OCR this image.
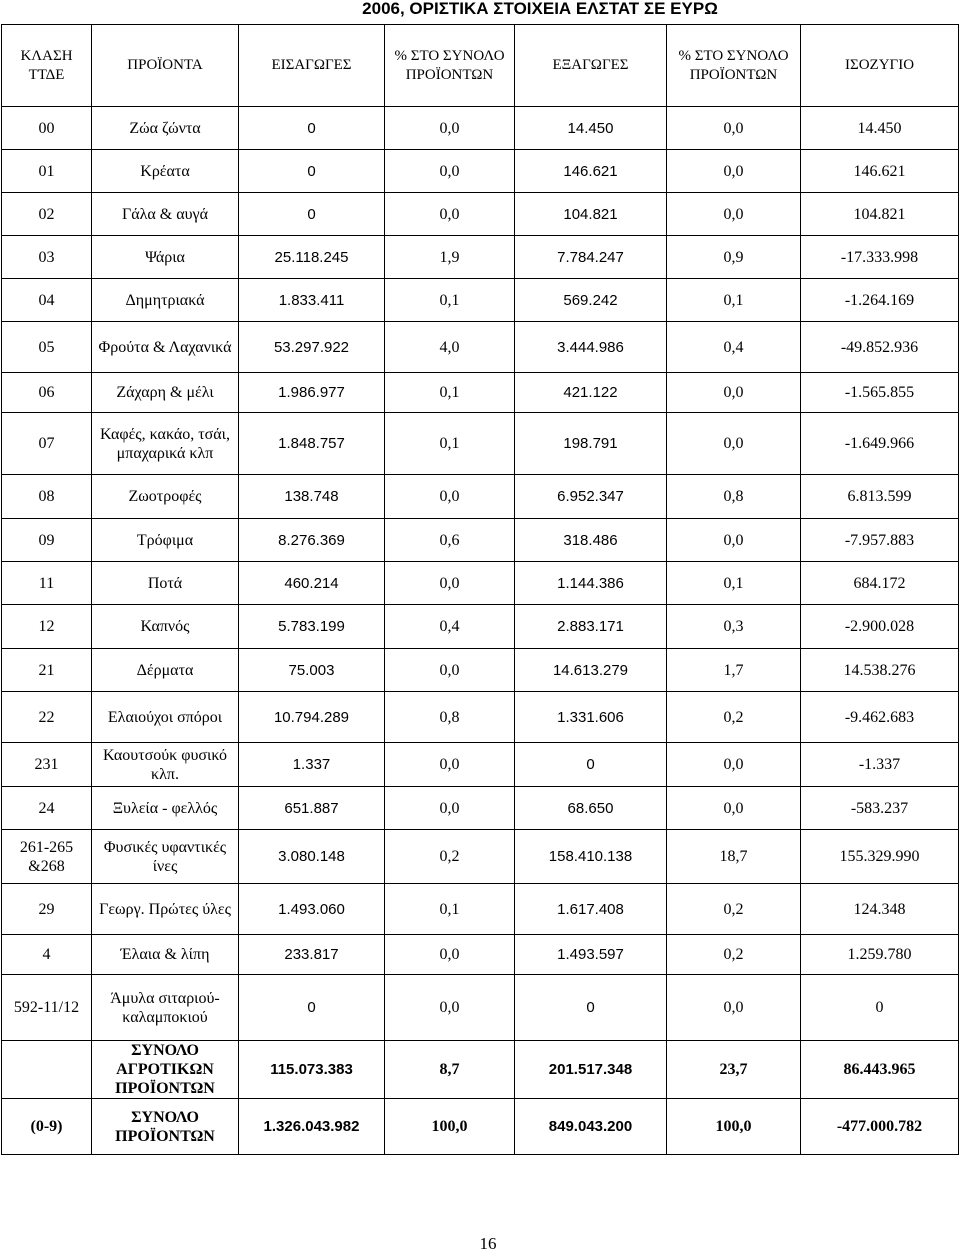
2006, ΟΡΙΣΤΙΚΑ ΣΤΟΙΧΕΙΑ ΕΛΣΤΑΤ ΣΕ ΕΥΡΩ
ΚΛΑΣΗ ΤΤΔΕ	ΠΡΟΪΟΝΤΑ	ΕΙΣΑΓΩΓΕΣ	% ΣΤΟ ΣΥΝΟΛΟ ΠΡΟΪΟΝΤΩΝ	ΕΞΑΓΩΓΕΣ	% ΣΤΟ ΣΥΝΟΛΟ ΠΡΟΪΟΝΤΩΝ	ΙΣΟΖΥΓΙΟ
00	Ζώα ζώντα	0	0,0	14.450	0,0	14.450
01	Κρέατα	0	0,0	146.621	0,0	146.621
02	Γάλα & αυγά	0	0,0	104.821	0,0	104.821
03	Ψάρια	25.118.245	1,9	7.784.247	0,9	-17.333.998
04	Δημητριακά	1.833.411	0,1	569.242	0,1	-1.264.169
05	Φρούτα & Λαχανικά	53.297.922	4,0	3.444.986	0,4	-49.852.936
06	Ζάχαρη & μέλι	1.986.977	0,1	421.122	0,0	-1.565.855
07	Καφές, κακάο, τσάι, μπαχαρικά κλπ	1.848.757	0,1	198.791	0,0	-1.649.966
08	Ζωοτροφές	138.748	0,0	6.952.347	0,8	6.813.599
09	Τρόφιμα	8.276.369	0,6	318.486	0,0	-7.957.883
11	Ποτά	460.214	0,0	1.144.386	0,1	684.172
12	Καπνός	5.783.199	0,4	2.883.171	0,3	-2.900.028
21	Δέρματα	75.003	0,0	14.613.279	1,7	14.538.276
22	Ελαιούχοι σπόροι	10.794.289	0,8	1.331.606	0,2	-9.462.683
231	Καουτσούκ φυσικό κλπ.	1.337	0,0	0	0,0	-1.337
24	Ξυλεία - φελλός	651.887	0,0	68.650	0,0	-583.237
261-265 &268	Φυσικές υφαντικές ίνες	3.080.148	0,2	158.410.138	18,7	155.329.990
29	Γεωργ. Πρώτες ύλες	1.493.060	0,1	1.617.408	0,2	124.348
4	Έλαια & λίπη	233.817	0,0	1.493.597	0,2	1.259.780
592-11/12	Άμυλα σιταριού-καλαμποκιού	0	0,0	0	0,0	0
	ΣΥΝΟΛΟ ΑΓΡΟΤΙΚΩΝ ΠΡΟΪΟΝΤΩΝ	115.073.383	8,7	201.517.348	23,7	86.443.965
(0-9)	ΣΥΝΟΛΟ ΠΡΟΪΟΝΤΩΝ	1.326.043.982	100,0	849.043.200	100,0	-477.000.782
16
